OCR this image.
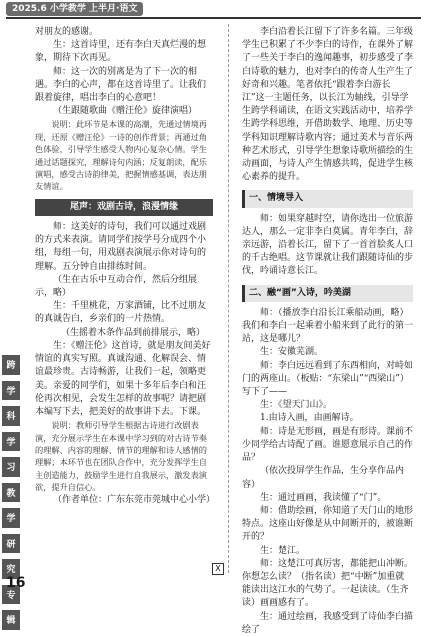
2025.6 小学教学 上半月·语文

对朋友的感谢。

生：这首诗里，还有李白天真烂漫的想象，期待下次再见。

师：这一次的别离是为了下一次的相遇。李白的心声，都在这首诗里了。让我们跟着旋律，唱出李白的心意吧！

（生跟随歌曲《赠汪伦》旋律演唱）

说明：此环节是本课的高潮，先通过情境再现，还原《赠汪伦》一诗的创作背景；再通过角色体验，引导学生感受人物内心复杂心情。学生通过话题探究，理解诗句内涵；反复朗读，配乐演唱，感受古诗韵律美，把握情感基调，表达朋友情谊。

尾声：戏剧古诗，浪漫情缘

师：这美好的诗句，我们可以通过戏剧的方式来表演。请同学们按学号分成四个小组，每组一句，用戏剧表演展示你对诗句的理解。五分钟自由排练时间。

（生在古乐中互动合作，然后分组展示，略）

生：千里桃花，万家酒铺，比不过朋友的真诚告白，乡亲们的一片热情。

（生摇着木条作品到前排展示，略）

生：《赠汪伦》这首诗，就是朋友间美好情谊的真实写照。真诚沟通、化解误会、情谊最珍贵。古诗畅游，让我们一起，领略更美。亲爱的同学们，如果十多年后李白和汪伦再次相见，会发生怎样的故事呢？请把剧本编写下去，把美好的故事讲下去。下课。

说明：教师引导学生根据古诗进行改剧表演，充分展示学生在本课中学习到的对古诗节奏的理解、内容的理解、情节的理解和诗人感情的理解；本环节也在团队合作中，充分发挥学生自主创造能力，鼓励学生进行自我展示，激发表演欲，提升自信心。

（作者单位：广东东莞市莞城中心小学）

李白沿着长江留下了许多名篇。三年级学生已积累了不少李白的诗作，在课外了解了一些关于李白的逸闻趣事，初步感受了李白诗歌的魅力，也对李白的传奇人生产生了好奇和兴趣。笔者依托“跟着李白游长江”这一主题任务，以长江为轴线，引导学生跨学科诵读，在语文实践活动中，培养学生跨学科思维，开借助数学、地理、历史等学科知识理解诗歌内容；通过美术与音乐两种艺术形式，引导学生想象诗歌所描绘的生动画面，与诗人产生情感共鸣，促进学生核心素养的提升。

一、情境导入

师：如果穿越时空，请你选出一位旅游达人，那么一定非李白莫属。青年李白，辞亲远游，沿着长江，留下了一首首脍炙人口的千古绝唱。这节课就让我们跟随诗仙的步伐，吟诵诗意长江。

二、融“画”入诗，吟美湖

师：（播放李白沿长江乘船动画，略）我们和李白一起乘着小船来到了此行的第一站，这是哪儿？

生：安徽芜湖。

师：李白远远看到了东西相向，对峙如门的两座山。（板贴：“东梁山”“西梁山”）写下了——

生：《望天门山》。

1.由诗入画，由画解诗。

师：诗是无形画，画是有形诗。课前不少同学给古诗配了画。谁愿意展示自己的作品？

（依次投屏学生作品，生分享作品内容）

生：通过画画，我读懂了“门”。

师：借助绘画，你知道了天门山的地形特点。这座山好像是从中间断开的，被谁断开的？

生：楚江。

师：这楚江可真厉害，都能把山冲断。你想怎么读？（指名读）把“中断”加重就能读出这江水的气势了。一起读读。（生齐读）画画感有了。

生：通过绘画，我感受到了诗仙李白描绘了

跨
学
科
学
习
教
学
研
究
专
辑
X
16
